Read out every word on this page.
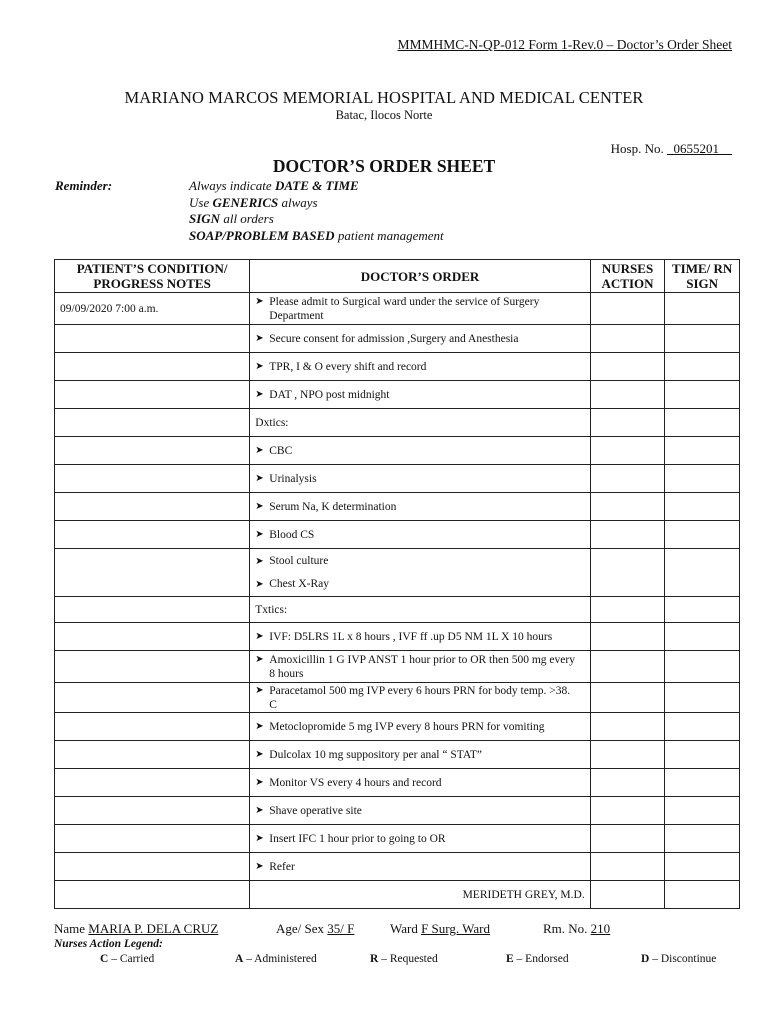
MMMHMC-N-QP-012 Form 1-Rev.0 – Doctor’s Order Sheet
MARIANO MARCOS MEMORIAL HOSPITAL AND MEDICAL CENTER
Batac, Ilocos Norte
Hosp. No. _0655201__
DOCTOR’S ORDER SHEET
Reminder:	Always indicate DATE & TIME
Use GENERICS always
SIGN all orders
SOAP/PROBLEM BASED patient management
PATIENT’S CONDITION/ PROGRESS NOTES	DOCTOR’S ORDER	NURSES ACTION	TIME/ RN SIGN
09/09/2020 7:00 a.m.	➤ Please admit to Surgical ward under the service of Surgery Department		
	➤ Secure consent for admission ,Surgery and Anesthesia		
	➤ TPR, I & O every shift and record		
	➤ DAT , NPO post midnight		
	Dxtics:		
	➤ CBC		
	➤ Urinalysis		
	➤ Serum Na, K determination		
	➤ Blood CS		

	➤ Stool culture
➤ Chest X-Ray		

	Txtics:		
	➤ IVF: D5LRS 1L x 8 hours , IVF ff .up D5 NM 1L X 10 hours		
	➤ Amoxicillin 1 G IVP ANST 1 hour prior to OR then 500 mg every 8 hours		
	➤ Paracetamol 500 mg IVP every 6 hours PRN for body temp. >38. C		
	➤ Metoclopromide 5 mg IVP every 8 hours PRN for vomiting		
	➤ Dulcolax 10 mg suppository per anal “ STAT”		
	➤ Monitor VS every 4 hours and record		
	➤ Shave operative site		
	➤ Insert IFC 1 hour prior to going to OR		
	➤ Refer		
	MERIDETH GREY, M.D.		
Name MARIA P. DELA CRUZ	Age/ Sex 35/ F	Ward F Surg. Ward	Rm. No. 210
Nurses Action Legend:
C – Carried	A – Administered	R – Requested	E – Endorsed	D – Discontinue
